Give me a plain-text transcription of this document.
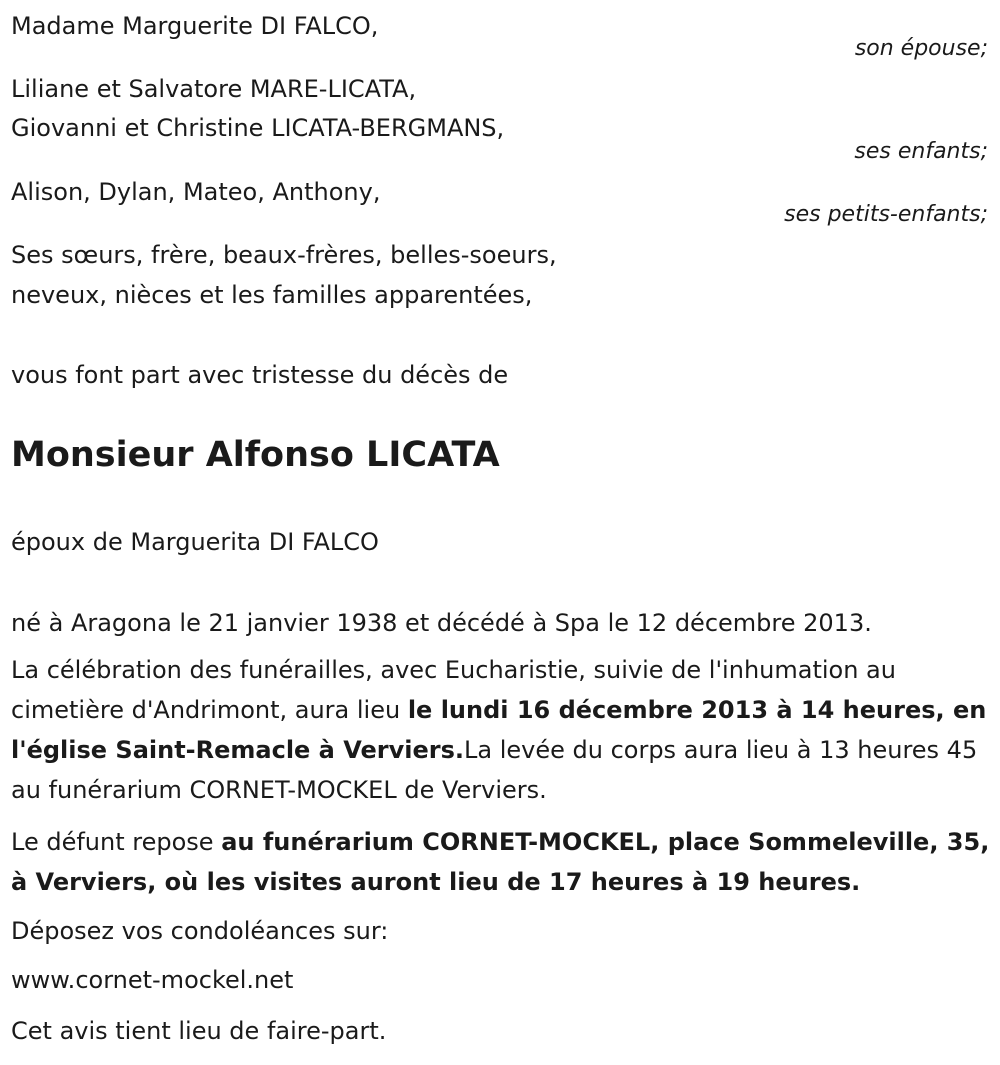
Madame Marguerite DI FALCO,

son épouse;

Liliane et Salvatore MARE-LICATA,

Giovanni et Christine LICATA-BERGMANS,

ses enfants;

Alison, Dylan, Mateo, Anthony,

ses petits-enfants;

Ses sœurs, frère, beaux-frères, belles-soeurs,

neveux, nièces et les familles apparentées,

vous font part avec tristesse du décès de

Monsieur Alfonso LICATA

époux de Marguerita DI FALCO

né à Aragona le 21 janvier 1938 et décédé à Spa le 12 décembre 2013.

La célébration des funérailles, avec Eucharistie, suivie de l'inhumation au cimetière d'Andrimont, aura lieu le lundi 16 décembre 2013 à 14 heures, en l'église Saint-Remacle à Verviers.La levée du corps aura lieu à 13 heures 45 au funérarium CORNET-MOCKEL de Verviers.

Le défunt repose au funérarium CORNET-MOCKEL, place Sommeleville, 35, à Verviers, où les visites auront lieu de 17 heures à 19 heures.

Déposez vos condoléances sur:

www.cornet-mockel.net

Cet avis tient lieu de faire-part.
